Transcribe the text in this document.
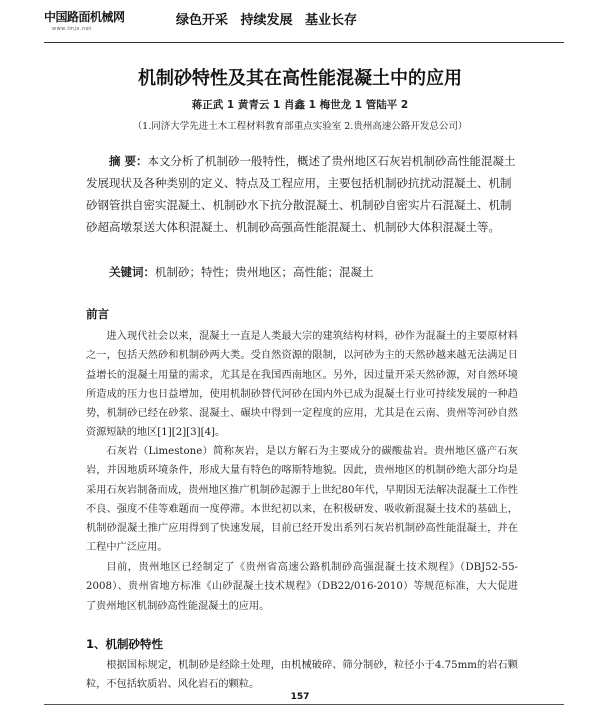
中国路面机械网
www.lmjx.net
绿色开采 持续发展 基业长存
机制砂特性及其在高性能混凝土中的应用
蒋正武 1 黄青云 1 肖鑫 1 梅世龙 1 管陆平 2
（1.同济大学先进土木工程材料教育部重点实验室 2.贵州高速公路开发总公司）
摘 要：本文分析了机制砂一般特性，概述了贵州地区石灰岩机制砂高性能混凝土发展现状及各种类别的定义、特点及工程应用，主要包括机制砂抗扰动混凝土、机制砂钢管拱自密实混凝土、机制砂水下抗分散混凝土、机制砂自密实片石混凝土、机制砂超高墩泵送大体积混凝土、机制砂高强高性能混凝土、机制砂大体积混凝土等。
关键词：机制砂；特性；贵州地区；高性能；混凝土
前言
进入现代社会以来，混凝土一直是人类最大宗的建筑结构材料，砂作为混凝土的主要原材料之一，包括天然砂和机制砂两大类。受自然资源的限制，以河砂为主的天然砂越来越无法满足日益增长的混凝土用量的需求，尤其是在我国西南地区。另外，因过量开采天然砂源，对自然环境所造成的压力也日益增加，使用机制砂替代河砂在国内外已成为混凝土行业可持续发展的一种趋势，机制砂已经在砂浆、混凝土、碾块中得到一定程度的应用，尤其是在云南、贵州等河砂自然资源短缺的地区[1][2][3][4]。
石灰岩（Limestone）简称灰岩，是以方解石为主要成分的碳酸盐岩。贵州地区盛产石灰岩，并因地质环境条件，形成大量有特色的喀斯特地貌。因此，贵州地区的机制砂绝大部分均是采用石灰岩制备而成，贵州地区推广机制砂起源于上世纪80年代，早期因无法解决混凝土工作性不良、强度不佳等难题而一度停滞。本世纪初以来，在积极研发、吸收新混凝土技术的基础上，机制砂混凝土推广应用得到了快速发展，目前已经开发出系列石灰岩机制砂高性能混凝土，并在工程中广泛应用。
目前，贵州地区已经制定了《贵州省高速公路机制砂高强混凝土技术规程》（DBJ52-55-2008）、贵州省地方标准《山砂混凝土技术规程》（DB22/016-2010）等规范标准，大大促进了贵州地区机制砂高性能混凝土的应用。
1、机制砂特性
根据国标规定，机制砂是经除土处理，由机械破碎、筛分制砂，粒径小于4.75mm的岩石颗粒，不包括软质岩、风化岩石的颗粒。
157
